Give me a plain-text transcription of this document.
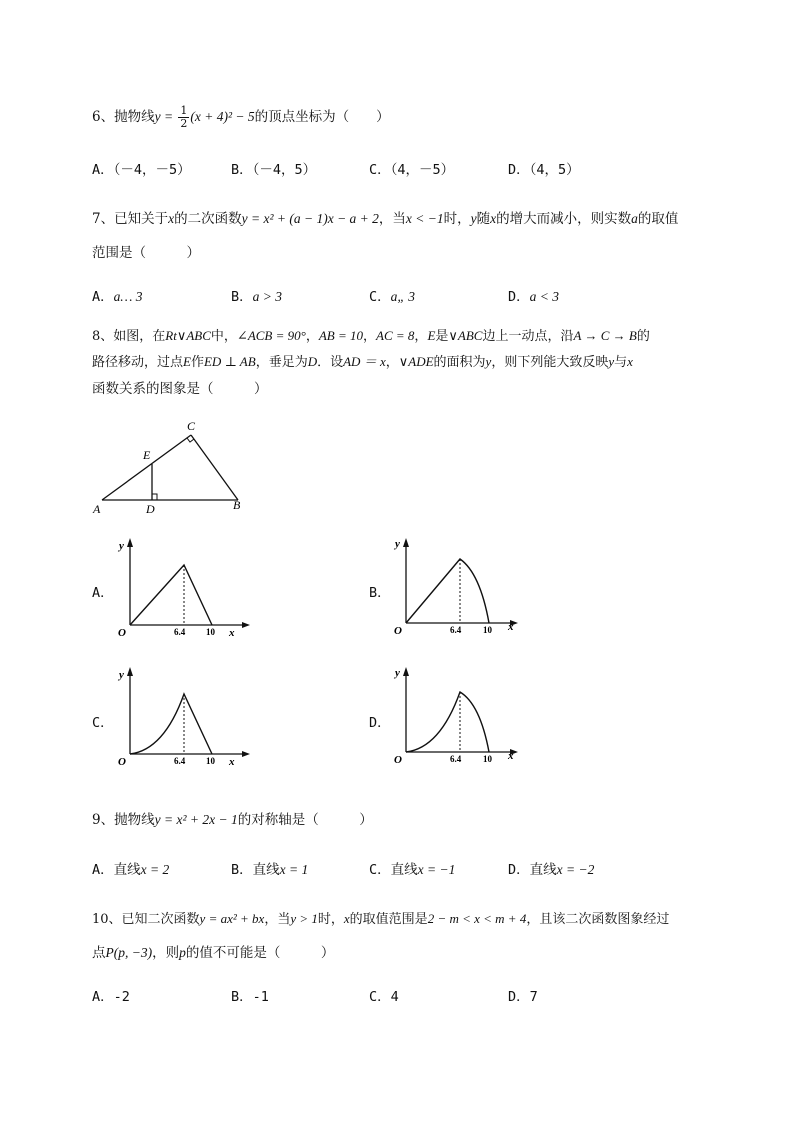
6、抛物线$y = \frac{1}{2} (x + 4)^2 - 5$的顶点坐标为（　　）
A．（－4，－5）	B．（－4，5）	C．（4，－5）	D．（4，5）
7、已知关于x的二次函数y = x² + (a − 1)x − a + 2，当x < −1时，y随x的增大而减小，则实数a的取值
范围是（　　　）
A．a… 3	B．a > 3	C．a„ 3	D．a < 3
8、如图，在Rt∨ABC中，∠ACB = 90°，AB = 10，AC = 8，E是∨ABC边上一动点，沿A → C → B的
路径移动，过点E作ED ⊥ AB，垂足为D．设AD ＝ x，∨ADE的面积为y，则下列能大致反映y与x
函数关系的图象是（　　　）
A	B
C
D
E
A．
y
x
O	6.4 10
B．
y
x
O	6.4 10
C．
y
x
O	6.4 10
D．
y
x
O	6.4 10
9、抛物线y = x² + 2x − 1的对称轴是（　　　）
A．直线x = 2	B．直线x = 1	C．直线x = −1	D．直线x = −2
10、已知二次函数y = ax² + bx，当y > 1时，x的取值范围是2 − m < x < m + 4，且该二次函数图象经过
点P(p, −3)，则p的值不可能是（　　　）
A．-2	B．-1	C．4	D．7
